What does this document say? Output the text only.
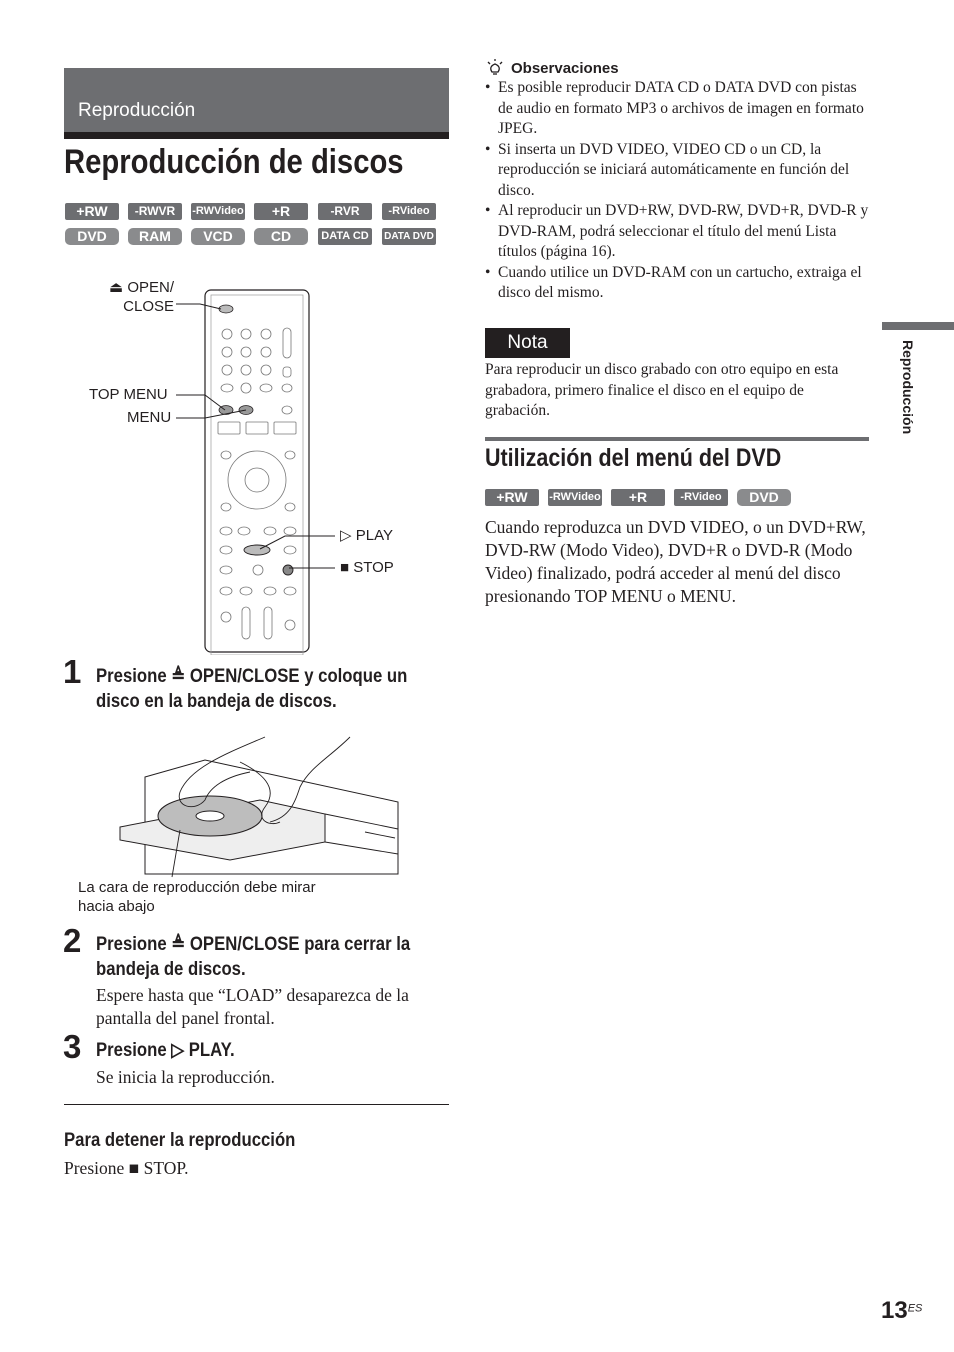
Reproducción
Reproducción de discos
+RW	-RWVR	-RWVideo	+R	-RVR	-RVideo
DVD	RAM	VCD	CD	DATA CD	DATA DVD
⏏ OPEN/
CLOSE
TOP MENU
MENU
▷ PLAY
■ STOP
1 Presione ≜ OPEN/CLOSE y coloque un disco en la bandeja de discos.
La cara de reproducción debe mirar
hacia abajo
2 Presione ≜ OPEN/CLOSE para cerrar la bandeja de discos.
Espere hasta que “LOAD” desaparezca de la pantalla del panel frontal.
3 Presione ▷ PLAY.
Se inicia la reproducción.
Para detener la reproducción
Presione ■ STOP.
Observaciones
• Es posible reproducir DATA CD o DATA DVD con pistas de audio en formato MP3 o archivos de imagen en formato JPEG.
• Si inserta un DVD VIDEO, VIDEO CD o un CD, la reproducción se iniciará automáticamente en función del disco.
• Al reproducir un DVD+RW, DVD-RW, DVD+R, DVD-R y DVD-RAM, podrá seleccionar el título del menú Lista títulos (página 16).
• Cuando utilice un DVD-RAM con un cartucho, extraiga el disco del mismo.
Nota
Para reproducir un disco grabado con otro equipo en esta grabadora, primero finalice el disco en el equipo de grabación.
Utilización del menú del DVD
+RW	-RWVideo	+R	-RVideo	DVD
Cuando reproduzca un DVD VIDEO, o un DVD+RW, DVD-RW (Modo Video), DVD+R o DVD-R (Modo Video) finalizado, podrá acceder al menú del disco presionando TOP MENU o MENU.
Reproducción
$13^{ES}$
